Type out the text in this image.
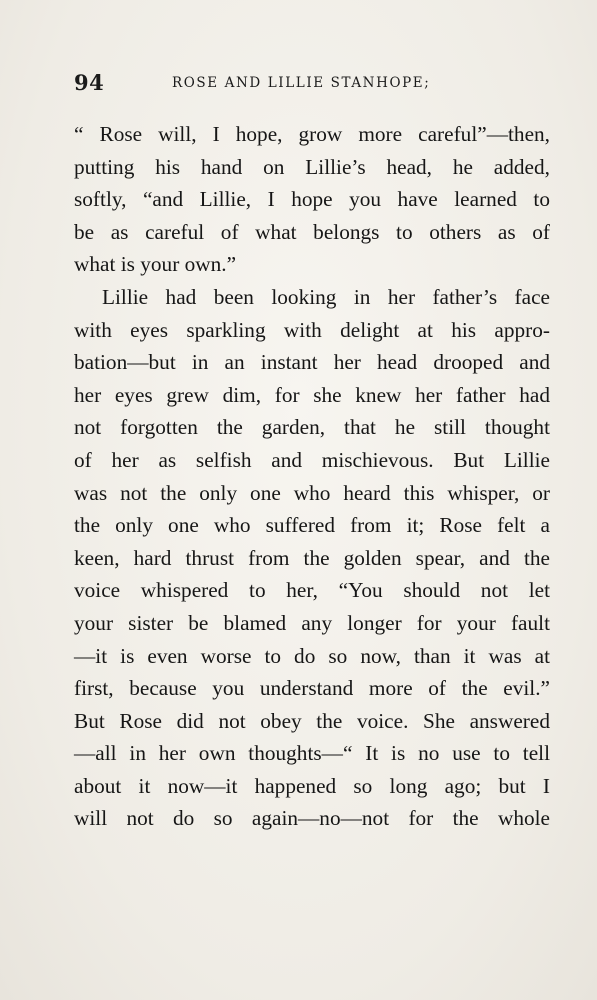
94	ROSE AND LILLIE STANHOPE;
“ Rose will, I hope, grow more careful”—then,
putting his hand on Lillie’s head, he added,
softly, “and Lillie, I hope you have learned to
be as careful of what belongs to others as of
what is your own.”
Lillie had been looking in her father’s face
with eyes sparkling with delight at his appro-
bation—but in an instant her head drooped and
her eyes grew dim, for she knew her father had
not forgotten the garden, that he still thought
of her as selfish and mischievous. But Lillie
was not the only one who heard this whisper, or
the only one who suffered from it; Rose felt a
keen, hard thrust from the golden spear, and the
voice whispered to her, “You should not let
your sister be blamed any longer for your fault
—it is even worse to do so now, than it was at
first, because you understand more of the evil.”
But Rose did not obey the voice. She answered
—all in her own thoughts—“ It is no use to tell
about it now—it happened so long ago; but I
will not do so again—no—not for the whole
